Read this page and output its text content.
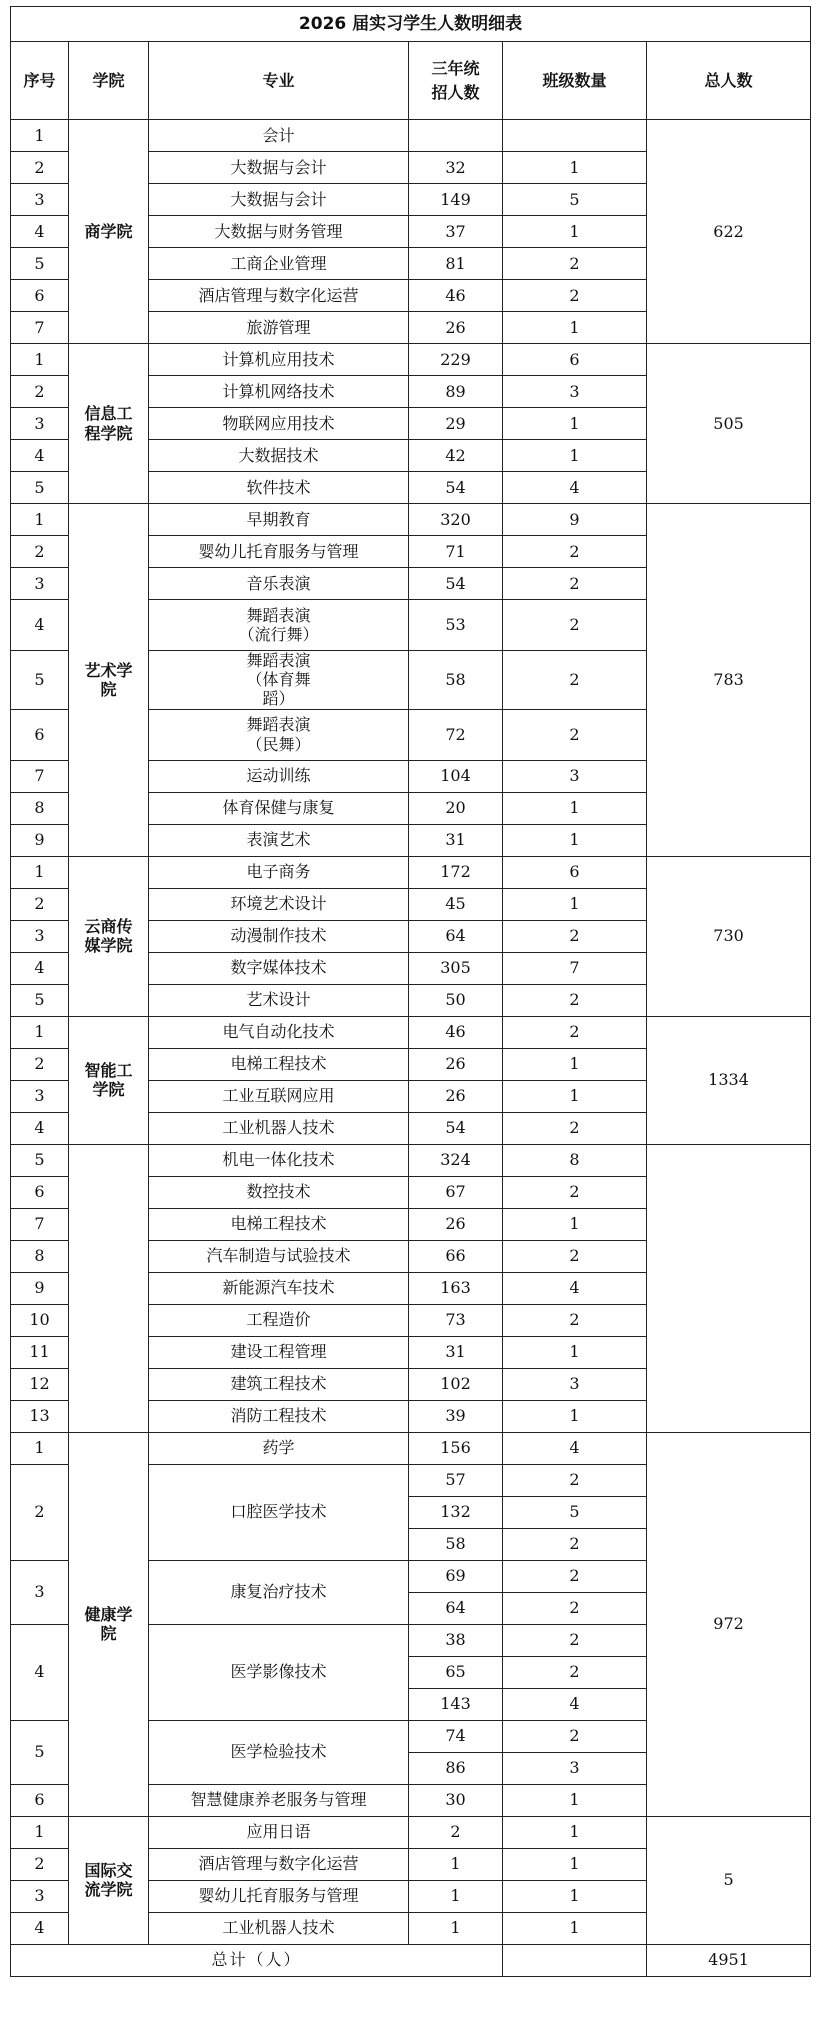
2026 届实习学生人数明细表					
序号	学院	专业	三年统招人数	班级数量	总人数
1	商学院	会计			622
2		大数据与会计	32	1	
3		大数据与会计	149	5	
4		大数据与财务管理	37	1	
5		工商企业管理	81	2	
6		酒店管理与数字化运营	46	2	
7		旅游管理	26	1	
1	信息工程学院	计算机应用技术	229	6	505
2		计算机网络技术	89	3	
3		物联网应用技术	29	1	
4		大数据技术	42	1	
5		软件技术	54	4	
1	艺术学院	早期教育	320	9	783
2		婴幼儿托育服务与管理	71	2	
3		音乐表演	54	2	
4		舞蹈表演（流行舞）	53	2	
5		舞蹈表演（体育舞蹈）	58	2	
6		舞蹈表演（民舞）	72	2	
7		运动训练	104	3	
8		体育保健与康复	20	1	
9		表演艺术	31	1	
1	云商传媒学院	电子商务	172	6	730
2		环境艺术设计	45	1	
3		动漫制作技术	64	2	
4		数字媒体技术	305	7	
5		艺术设计	50	2	
1	智能工学院	电气自动化技术	46	2	1334
2		电梯工程技术	26	1	
3		工业互联网应用	26	1	
4		工业机器人技术	54	2	
5		机电一体化技术	324	8	
6		数控技术	67	2	
7		电梯工程技术	26	1	
8		汽车制造与试验技术	66	2	
9		新能源汽车技术	163	4	
10		工程造价	73	2	
11		建设工程管理	31	1	
12		建筑工程技术	102	3	
13		消防工程技术	39	1	
1	健康学院	药学	156	4	972
2		口腔医学技术	57	2	
			132	5	
			58	2	
3		康复治疗技术	69	2	
			64	2	
4		医学影像技术	38	2	
			65	2	
			143	4	
5		医学检验技术	74	2	
			86	3	
6		智慧健康养老服务与管理	30	1	
1	国际交流学院	应用日语	2	1	5
2		酒店管理与数字化运营	1	1	
3		婴幼儿托育服务与管理	1	1	
4		工业机器人技术	1	1	
总计（人）					4951
